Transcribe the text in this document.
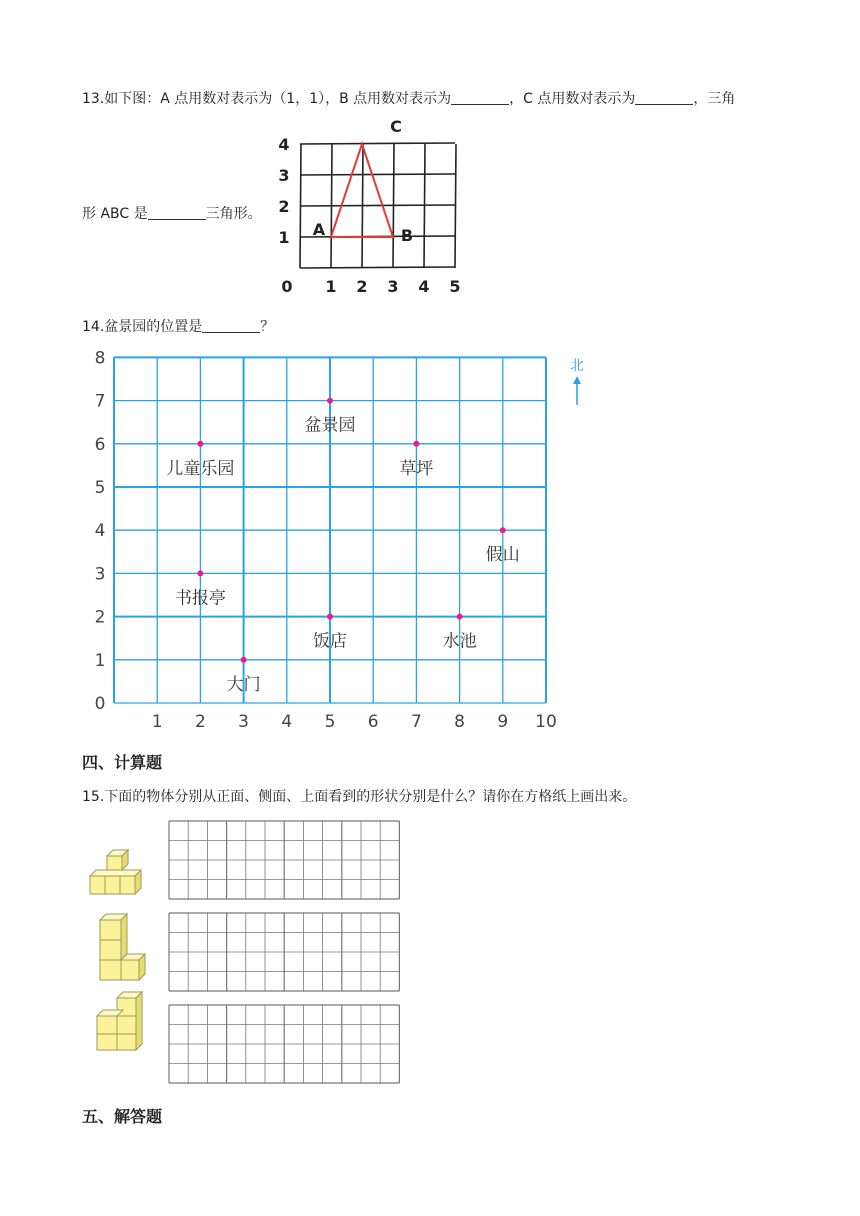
13.如下图：A 点用数对表示为（1，1），B 点用数对表示为	，C 点用数对表示为	，三角
形 ABC 是	三角形。
4
3
2
1
0 1 2 3 4 5
A	B
C
14.盆景园的位置是	？
8
7
6
5
4
3
2
1
0
1 2 3 4 5 6 7 8 9 10
盆景园
儿童乐园	草坪
假山
书报亭
饭店	水池
大门
北
四、计算题
15.下面的物体分别从正面、侧面、上面看到的形状分别是什么？请你在方格纸上画出来。
五、解答题
